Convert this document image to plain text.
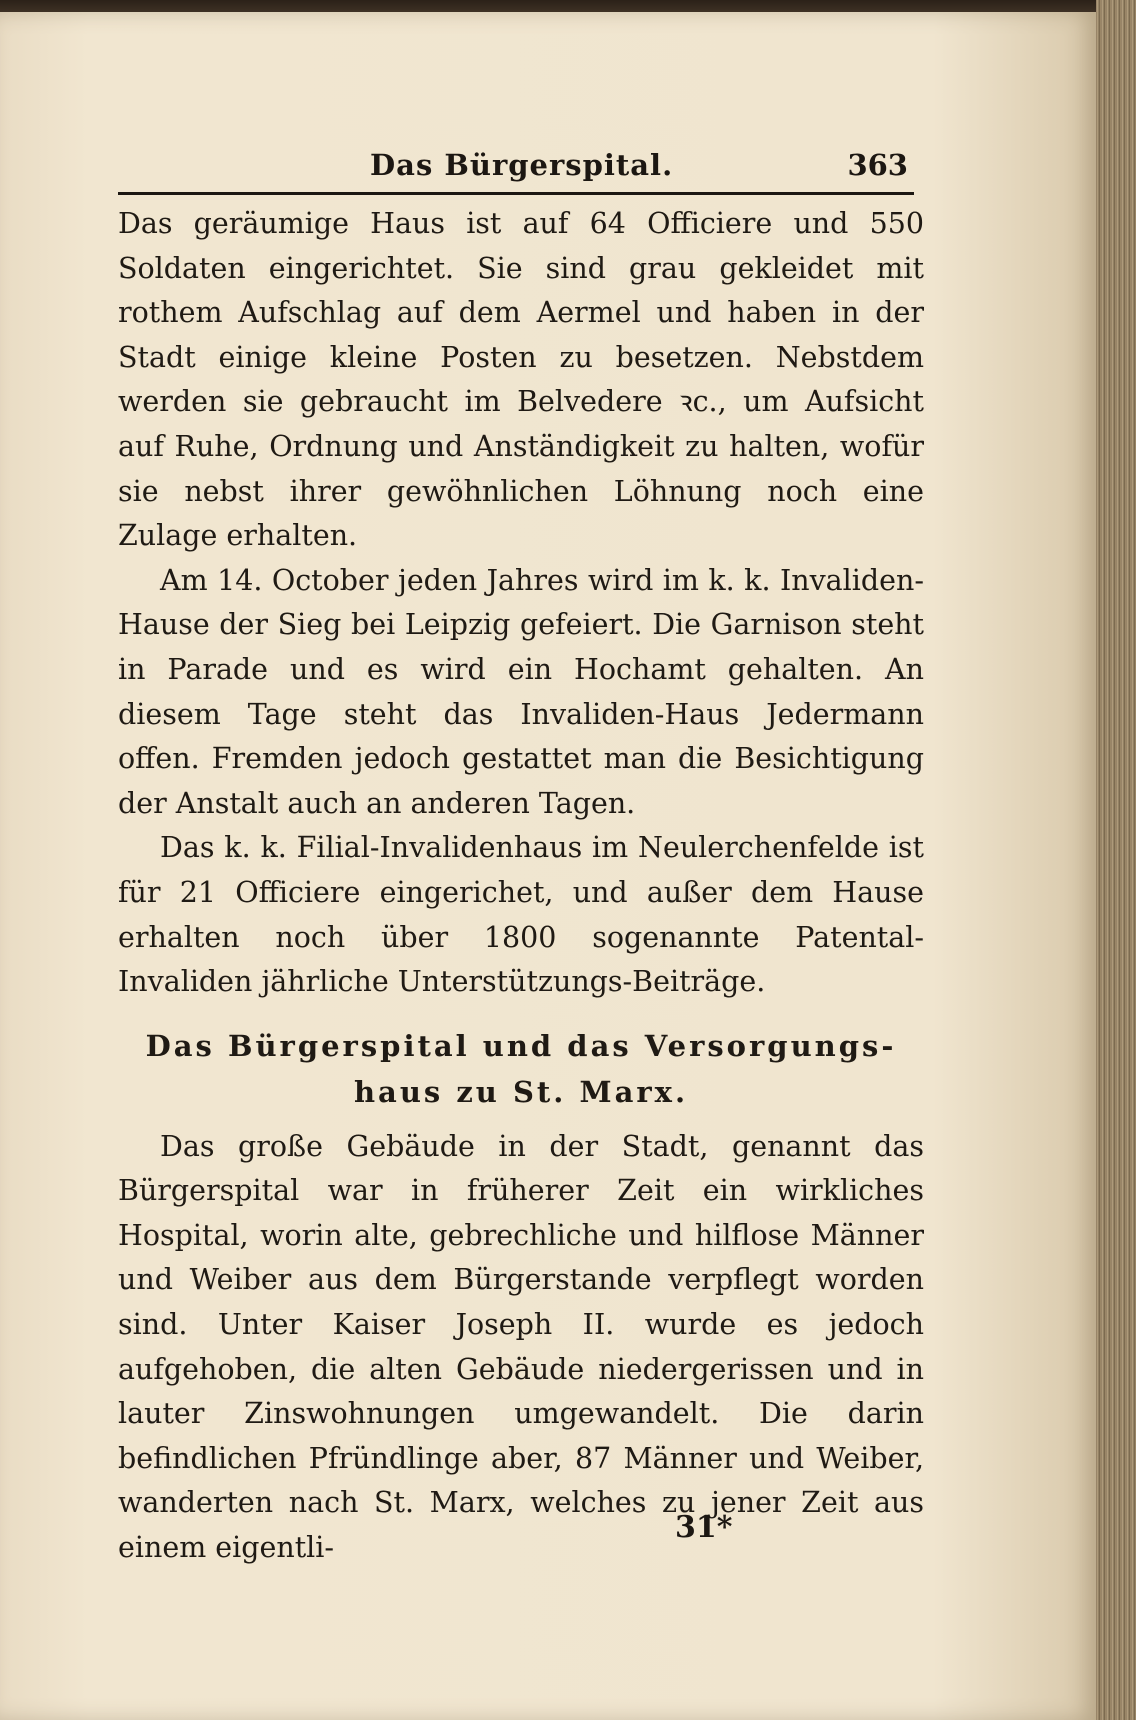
Das Bürgerspital.	363

Das geräumige Haus ist auf 64 Officiere und 550 Soldaten eingerichtet. Sie sind grau gekleidet mit rothem Aufschlag auf dem Aermel und haben in der Stadt einige kleine Posten zu besetzen. Nebstdem werden sie gebraucht im Belvedere ꝛc., um Aufsicht auf Ruhe, Ordnung und Anständigkeit zu halten, wofür sie nebst ihrer gewöhnlichen Löhnung noch eine Zulage erhalten.

Am 14. October jeden Jahres wird im k. k. Invaliden-Hause der Sieg bei Leipzig gefeiert. Die Garnison steht in Parade und es wird ein Hochamt gehalten. An diesem Tage steht das Invaliden-Haus Jedermann offen. Fremden jedoch gestattet man die Besichtigung der Anstalt auch an anderen Tagen.

Das k. k. Filial-Invalidenhaus im Neulerchenfelde ist für 21 Officiere eingerichet, und außer dem Hause erhalten noch über 1800 sogenannte Patental-Invaliden jährliche Unterstützungs-Beiträge.

Das Bürgerspital und das Versorgungs-
haus zu St. Marx.

Das große Gebäude in der Stadt, genannt das Bürgerspital war in früherer Zeit ein wirkliches Hospital, worin alte, gebrechliche und hilflose Männer und Weiber aus dem Bürgerstande verpflegt worden sind. Unter Kaiser Joseph II. wurde es jedoch aufgehoben, die alten Gebäude niedergerissen und in lauter Zinswohnungen umgewandelt. Die darin befindlichen Pfründlinge aber, 87 Männer und Weiber, wanderten nach St. Marx, welches zu jener Zeit aus einem eigentli-

31*
